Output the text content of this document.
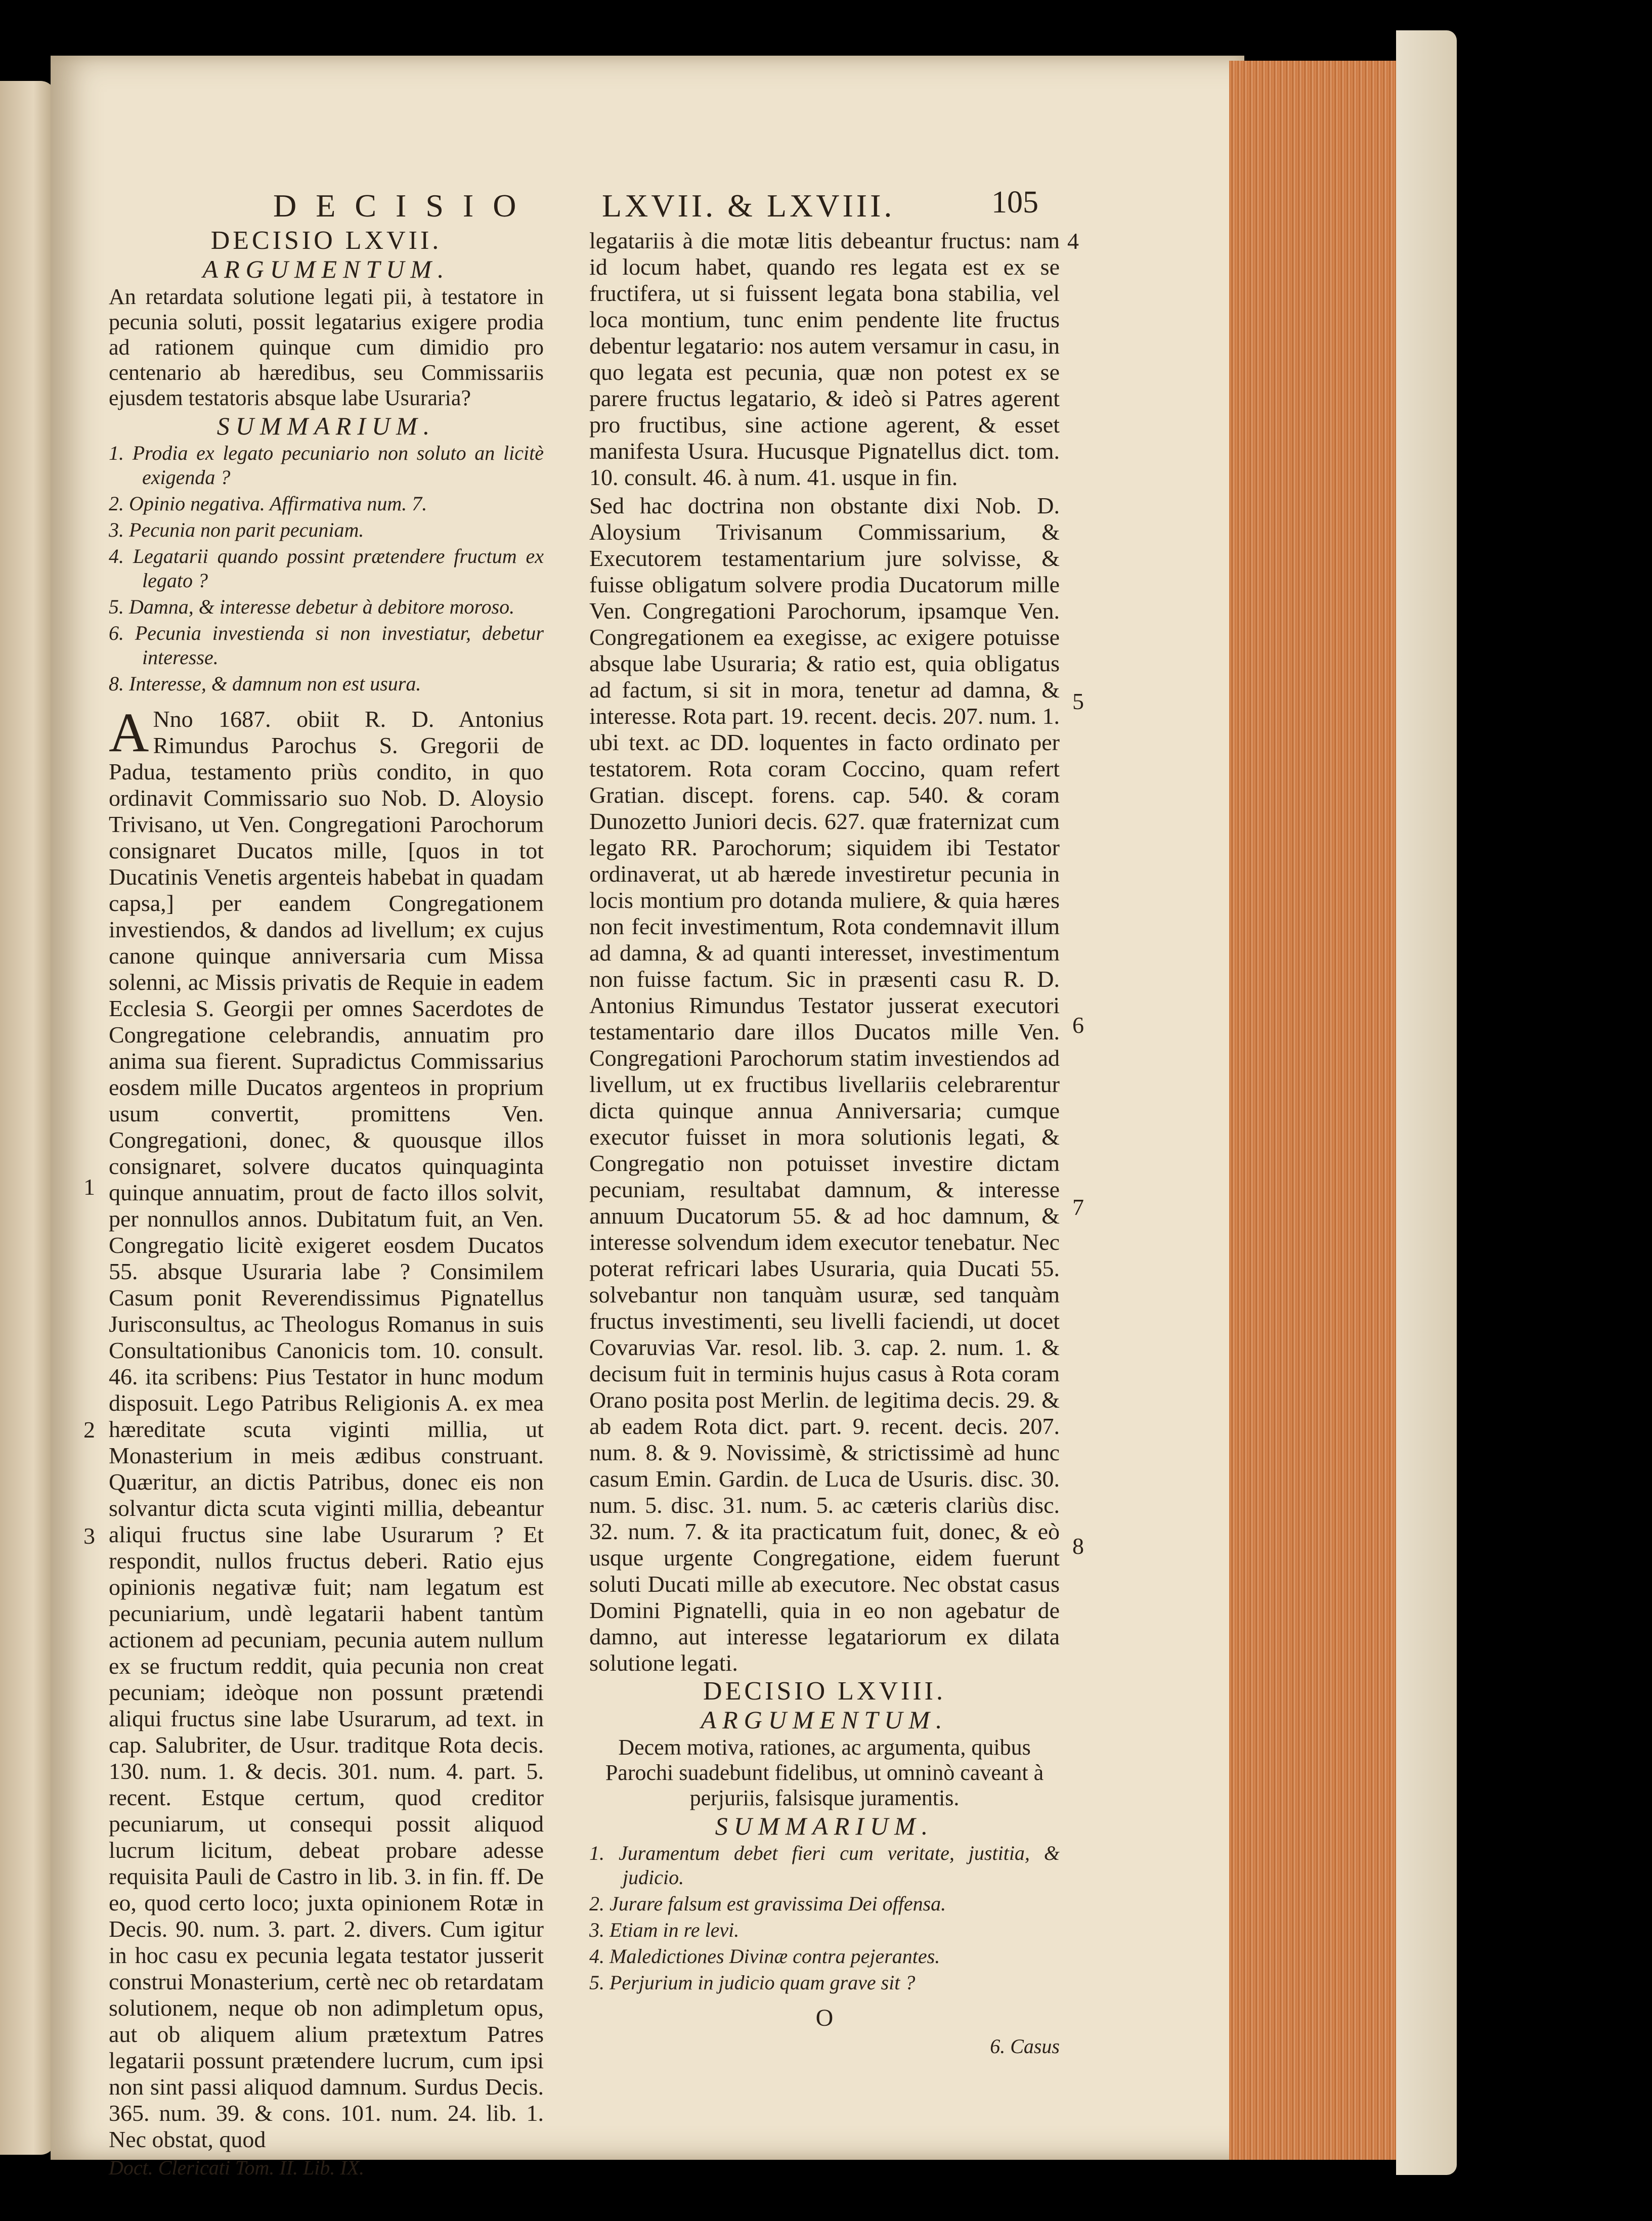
DECISIO LXVII. & LXVIII.	105

DECISIO LXVII.

ARGUMENTUM.

An retardata solutione legati pii, à testatore in pecunia soluti, possit legatarius exigere prodia ad rationem quinque cum dimidio pro centenario ab hæredibus, seu Commissariis ejusdem testatoris absque labe Usuraria?

SUMMARIUM.

1. Prodia ex legato pecuniario non soluto an licitè exigenda ?
2. Opinio negativa. Affirmativa num. 7.
3. Pecunia non parit pecuniam.
4. Legatarii quando possint prætendere fructum ex legato ?
5. Damna, & interesse debetur à debitore moroso.
6. Pecunia investienda si non investiatur, debetur interesse.
8. Interesse, & damnum non est usura.

A Nno 1687. obiit R. D. Antonius Rimundus Parochus S. Gregorii de Padua, testamento priùs condito, in quo ordinavit Commissario suo Nob. D. Aloysio Trivisano, ut Ven. Congregationi Parochorum consignaret Ducatos mille, [quos in tot Ducatinis Venetis argenteis habebat in quadam capsa,] per eandem Congregationem investiendos, & dandos ad livellum; ex cujus canone quinque anniversaria cum Missa solenni, ac Missis privatis de Requie in eadem Ecclesia S. Georgii per omnes Sacerdotes de Congregatione celebrandis, annuatim pro anima sua fierent. Supradictus Commissarius eosdem mille Ducatos argenteos in proprium usum convertit, promittens Ven. Congregationi, donec, & quousque illos consignaret, solvere ducatos quinquaginta quinque annuatim, prout de facto illos solvit, per nonnullos annos. Dubitatum fuit, an Ven. Congregatio licitè exigeret eosdem Ducatos 55. absque Usuraria labe ? Consimilem Casum ponit Reverendissimus Pignatellus Jurisconsultus, ac Theologus Romanus in suis Consultationibus Canonicis tom. 10. consult. 46. ita scribens: Pius Testator in hunc modum disposuit. Lego Patribus Religionis A. ex mea hæreditate scuta viginti millia, ut Monasterium in meis ædibus construant. Quæritur, an dictis Patribus, donec eis non solvantur dicta scuta viginti millia, debeantur aliqui fructus sine labe Usurarum ? Et respondit, nullos fructus deberi. Ratio ejus opinionis negativæ fuit; nam legatum est pecuniarium, undè legatarii habent tantùm actionem ad pecuniam, pecunia autem nullum ex se fructum reddit, quia pecunia non creat pecuniam; ideòque non possunt prætendi aliqui fructus sine labe Usurarum, ad text. in cap. Salubriter, de Usur. traditque Rota decis. 130. num. 1. & decis. 301. num. 4. part. 5. recent. Estque certum, quod creditor pecuniarum, ut consequi possit aliquod lucrum licitum, debeat probare adesse requisita Pauli de Castro in lib. 3. in fin. ff. De eo, quod certo loco; juxta opinionem Rotæ in Decis. 90. num. 3. part. 2. divers. Cum igitur in hoc casu ex pecunia legata testator jusserit construi Monasterium, certè nec ob retardatam solutionem, neque ob non adimpletum opus, aut ob aliquem alium prætextum Patres legatarii possunt prætendere lucrum, cum ipsi non sint passi aliquod damnum. Surdus Decis. 365. num. 39. & cons. 101. num. 24. lib. 1. Nec obstat, quod

Doct. Clericati Tom. II. Lib. IX.

legatariis à die motæ litis debeantur fructus: nam id locum habet, quando res legata est ex se fructifera, ut si fuissent legata bona stabilia, vel loca montium, tunc enim pendente lite fructus debentur legatario: nos autem versamur in casu, in quo legata est pecunia, quæ non potest ex se parere fructus legatario, & ideò si Patres agerent pro fructibus, sine actione agerent, & esset manifesta Usura. Hucusque Pignatellus dict. tom. 10. consult. 46. à num. 41. usque in fin.

Sed hac doctrina non obstante dixi Nob. D. Aloysium Trivisanum Commissarium, & Executorem testamentarium jure solvisse, & fuisse obligatum solvere prodia Ducatorum mille Ven. Congregationi Parochorum, ipsamque Ven. Congregationem ea exegisse, ac exigere potuisse absque labe Usuraria; & ratio est, quia obligatus ad factum, si sit in mora, tenetur ad damna, & interesse. Rota part. 19. recent. decis. 207. num. 1. ubi text. ac DD. loquentes in facto ordinato per testatorem. Rota coram Coccino, quam refert Gratian. discept. forens. cap. 540. & coram Dunozetto Juniori decis. 627. quæ fraternizat cum legato RR. Parochorum; siquidem ibi Testator ordinaverat, ut ab hærede investiretur pecunia in locis montium pro dotanda muliere, & quia hæres non fecit investimentum, Rota condemnavit illum ad damna, & ad quanti interesset, investimentum non fuisse factum. Sic in præsenti casu R. D. Antonius Rimundus Testator jusserat executori testamentario dare illos Ducatos mille Ven. Congregationi Parochorum statim investiendos ad livellum, ut ex fructibus livellariis celebrarentur dicta quinque annua Anniversaria; cumque executor fuisset in mora solutionis legati, & Congregatio non potuisset investire dictam pecuniam, resultabat damnum, & interesse annuum Ducatorum 55. & ad hoc damnum, & interesse solvendum idem executor tenebatur. Nec poterat refricari labes Usuraria, quia Ducati 55. solvebantur non tanquàm usuræ, sed tanquàm fructus investimenti, seu livelli faciendi, ut docet Covaruvias Var. resol. lib. 3. cap. 2. num. 1. & decisum fuit in terminis hujus casus à Rota coram Orano posita post Merlin. de legitima decis. 29. & ab eadem Rota dict. part. 9. recent. decis. 207. num. 8. & 9. Novissimè, & strictissimè ad hunc casum Emin. Gardin. de Luca de Usuris. disc. 30. num. 5. disc. 31. num. 5. ac cæteris clariùs disc. 32. num. 7. & ita practicatum fuit, donec, & eò usque urgente Congregatione, eidem fuerunt soluti Ducati mille ab executore. Nec obstat casus Domini Pignatelli, quia in eo non agebatur de damno, aut interesse legatariorum ex dilata solutione legati.

DECISIO LXVIII.

ARGUMENTUM.

Decem motiva, rationes, ac argumenta, quibus Parochi suadebunt fidelibus, ut omninò caveant à perjuriis, falsisque juramentis.

SUMMARIUM.

1. Juramentum debet fieri cum veritate, justitia, & judicio.
2. Jurare falsum est gravissima Dei offensa.
3. Etiam in re levi.
4. Maledictiones Divinæ contra pejerantes.
5. Perjurium in judicio quam grave sit ?

O

6. Casus

1
2
3
4
5
6
7
8
